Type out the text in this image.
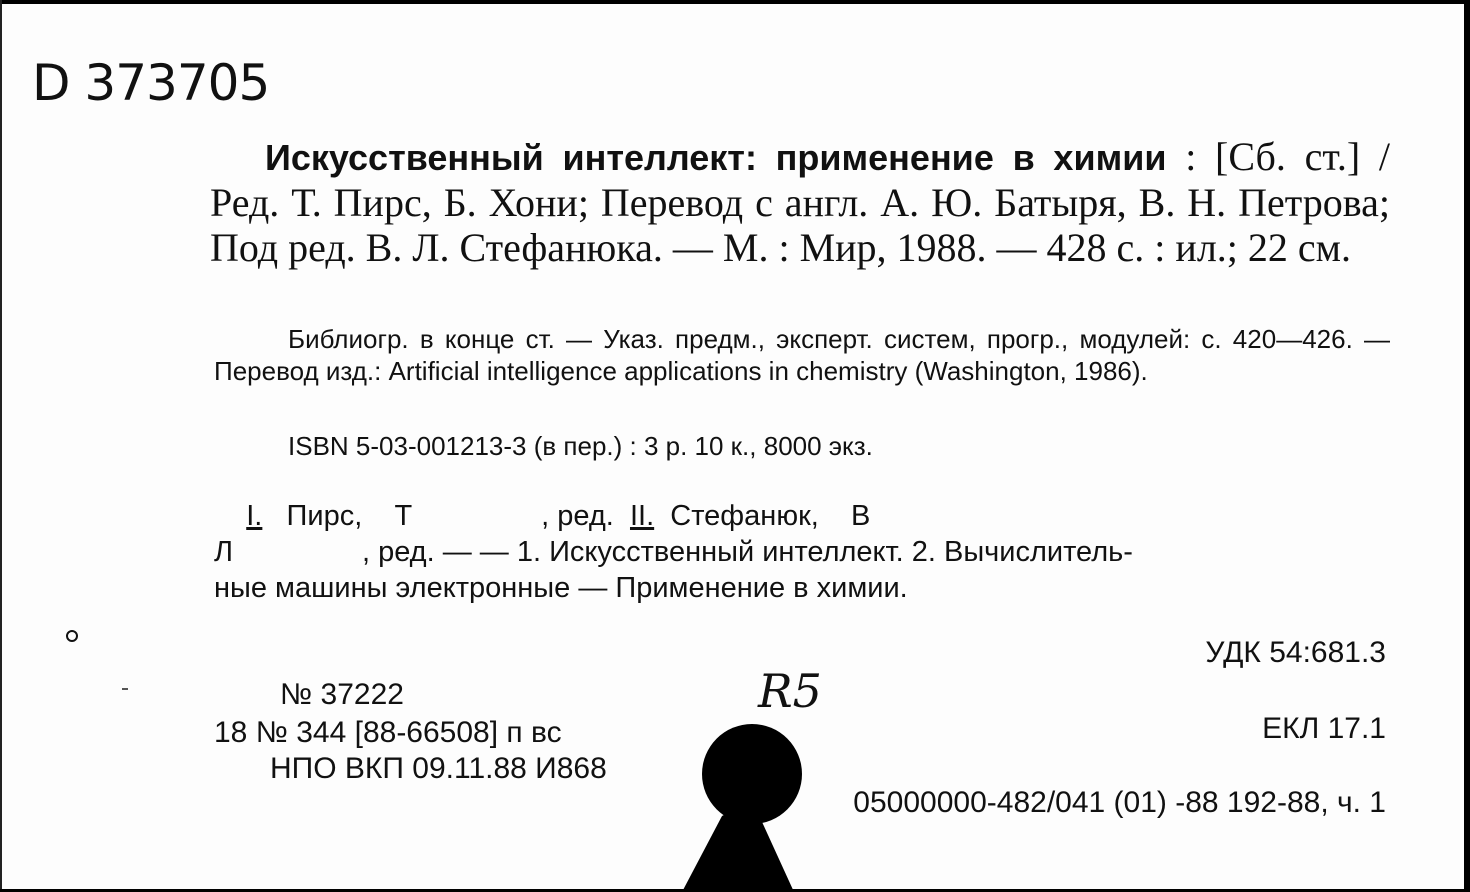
D 373705

Искусственный интеллект: применение в химии : [Сб. ст.] / Ред. Т. Пирс, Б. Хони; Перевод с англ. А. Ю. Батыря, В. Н. Петрова; Под ред. В. Л. Стефанюка. — М. : Мир, 1988. — 428 с. : ил.; 22 см.

Библиогр. в конце ст. — Указ. предм., эксперт. систем, прогр., модулей: с. 420—426. — Перевод изд.: Artificial intelligence applications in chemistry (Washington, 1986).

ISBN 5-03-001213-3 (в пер.) : 3 р. 10 к., 8000 экз.

I. Пирс, Т	, ред. II. Стефанюк, В
Л	, ред. — — 1. Искусственный интеллект. 2. Вычислитель-
ные машины электронные — Применение в химии.
УДК 54:681.3
ЕКЛ 17.1
№ 37222
18 № 344 [88-66508] п вс
НПО ВКП 09.11.88 И868
R5
05000000-482/041 (01) -88 192-88, ч. 1
